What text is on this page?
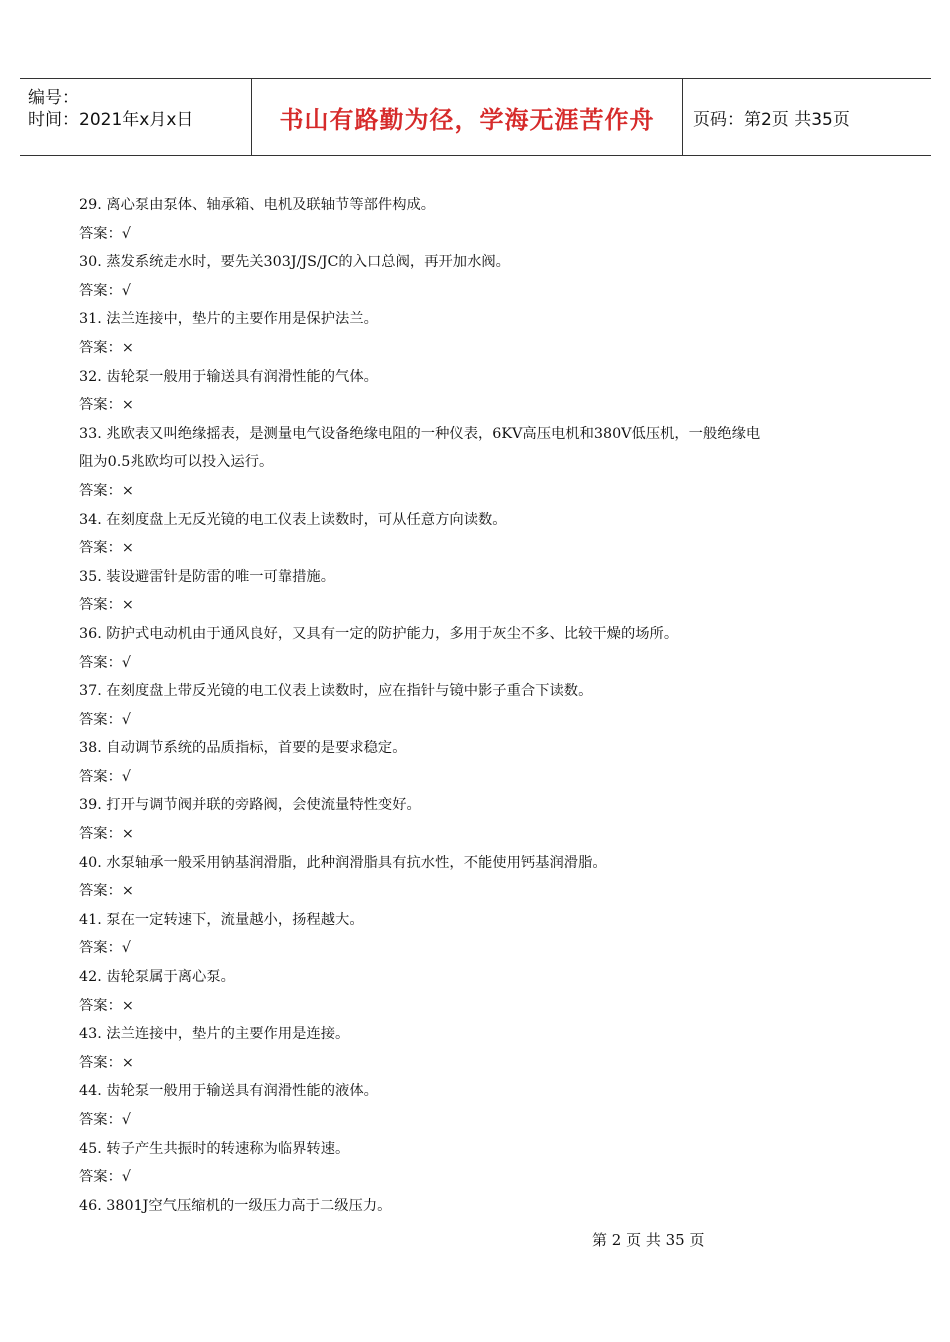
编号：
时间：2021年x月x日	书山有路勤为径，学海无涯苦作舟 页码：第2页 共35页
29. 离心泵由泵体、轴承箱、电机及联轴节等部件构成。
答案：√
30. 蒸发系统走水时，要先关303J/JS/JC的入口总阀，再开加水阀。
答案：√
31. 法兰连接中，垫片的主要作用是保护法兰。
答案：×
32. 齿轮泵一般用于输送具有润滑性能的气体。
答案：×
33. 兆欧表又叫绝缘摇表，是测量电气设备绝缘电阻的一种仪表，6KV高压电机和380V低压机，一般绝缘电
阻为0.5兆欧均可以投入运行。
答案：×
34. 在刻度盘上无反光镜的电工仪表上读数时，可从任意方向读数。
答案：×
35. 装设避雷针是防雷的唯一可靠措施。
答案：×
36. 防护式电动机由于通风良好，又具有一定的防护能力，多用于灰尘不多、比较干燥的场所。
答案：√
37. 在刻度盘上带反光镜的电工仪表上读数时，应在指针与镜中影子重合下读数。
答案：√
38. 自动调节系统的品质指标，首要的是要求稳定。
答案：√
39. 打开与调节阀并联的旁路阀，会使流量特性变好。
答案：×
40. 水泵轴承一般采用钠基润滑脂，此种润滑脂具有抗水性，不能使用钙基润滑脂。
答案：×
41. 泵在一定转速下，流量越小，扬程越大。
答案：√
42. 齿轮泵属于离心泵。
答案：×
43. 法兰连接中，垫片的主要作用是连接。
答案：×
44. 齿轮泵一般用于输送具有润滑性能的液体。
答案：√
45. 转子产生共振时的转速称为临界转速。
答案：√
46. 3801J空气压缩机的一级压力高于二级压力。
第 2 页 共 35 页
